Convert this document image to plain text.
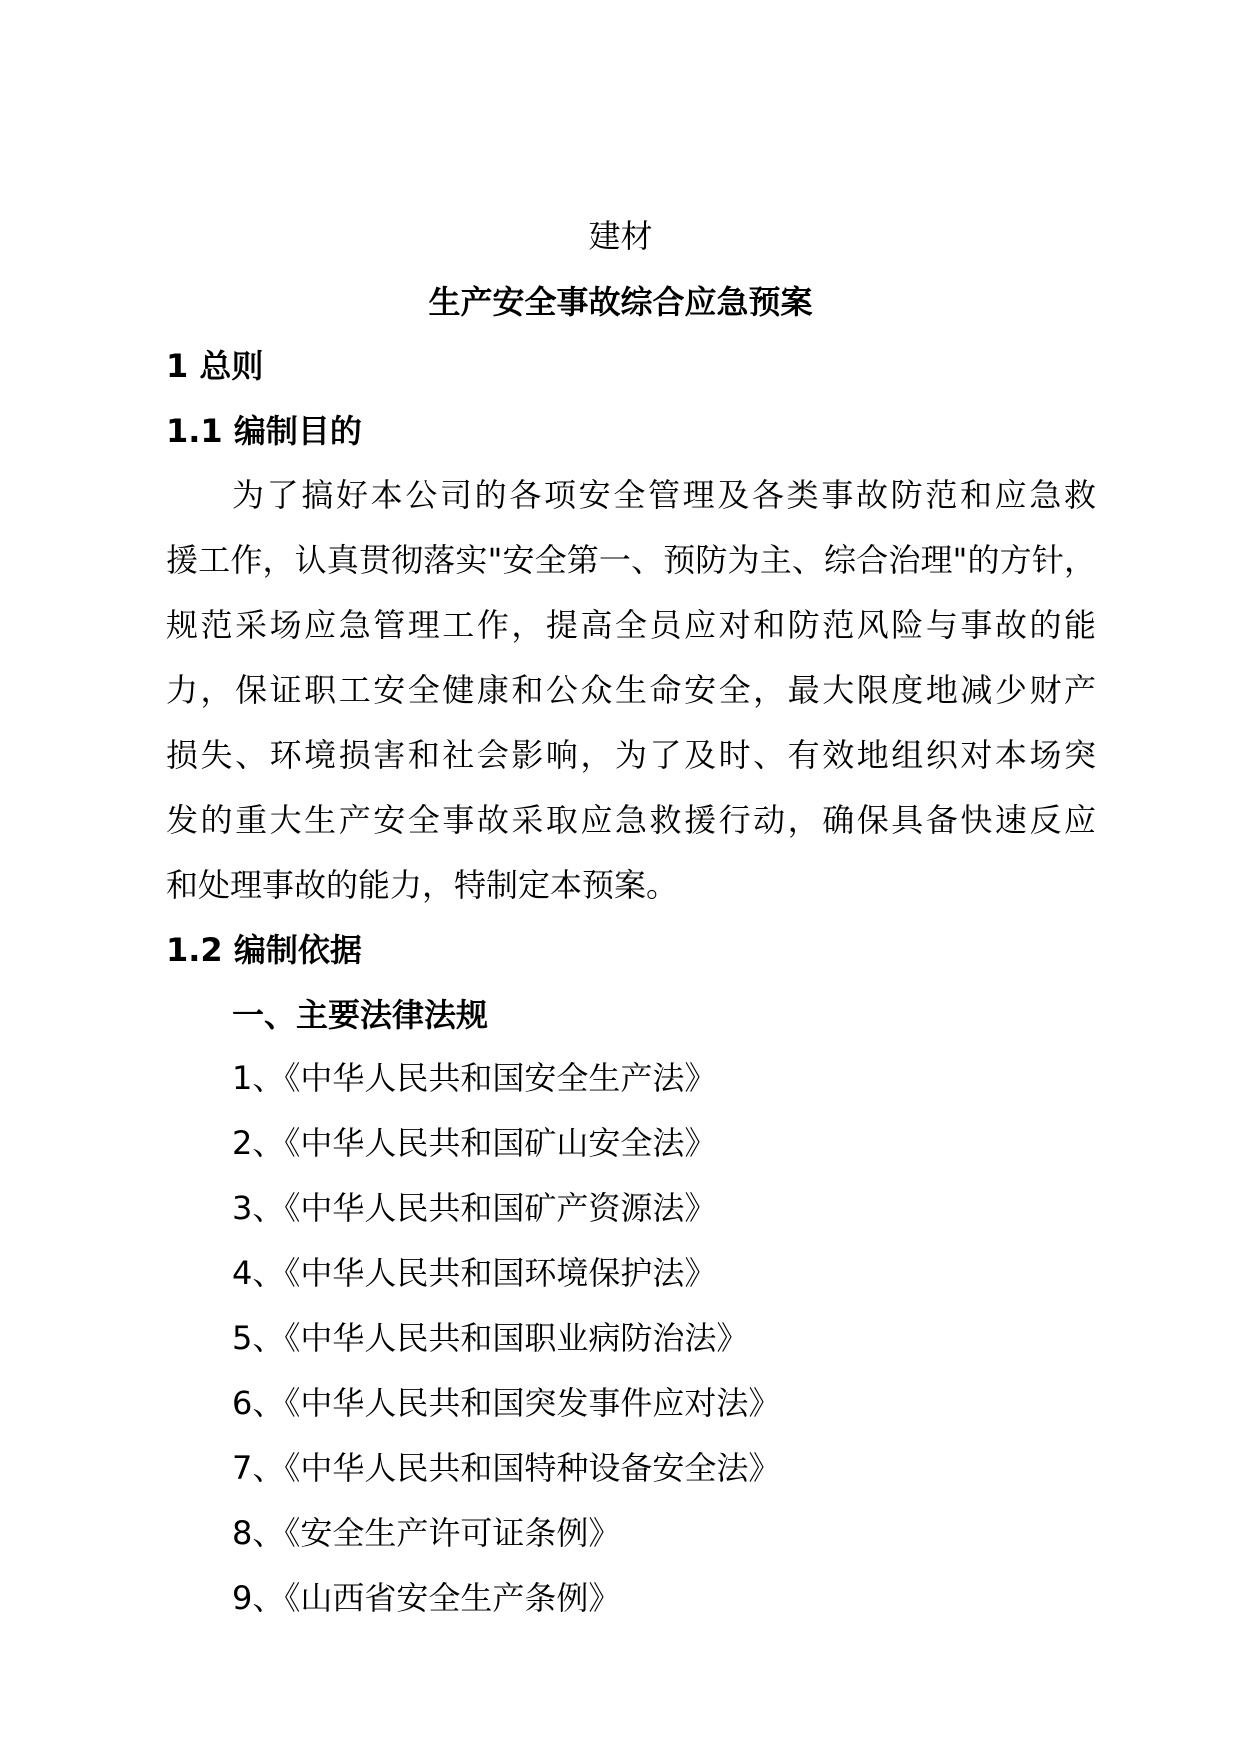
建材
生产安全事故综合应急预案
1 总则
1.1 编制目的
为了搞好本公司的各项安全管理及各类事故防范和应急救
援工作，认真贯彻落实"安全第一、预防为主、综合治理"的方针，
规范采场应急管理工作，提高全员应对和防范风险与事故的能
力，保证职工安全健康和公众生命安全，最大限度地减少财产
损失、环境损害和社会影响，为了及时、有效地组织对本场突
发的重大生产安全事故采取应急救援行动，确保具备快速反应
和处理事故的能力，特制定本预案。
1.2 编制依据
一、主要法律法规
1、《中华人民共和国安全生产法》
2、《中华人民共和国矿山安全法》
3、《中华人民共和国矿产资源法》
4、《中华人民共和国环境保护法》
5、《中华人民共和国职业病防治法》
6、《中华人民共和国突发事件应对法》
7、《中华人民共和国特种设备安全法》
8、《安全生产许可证条例》
9、《山西省安全生产条例》
